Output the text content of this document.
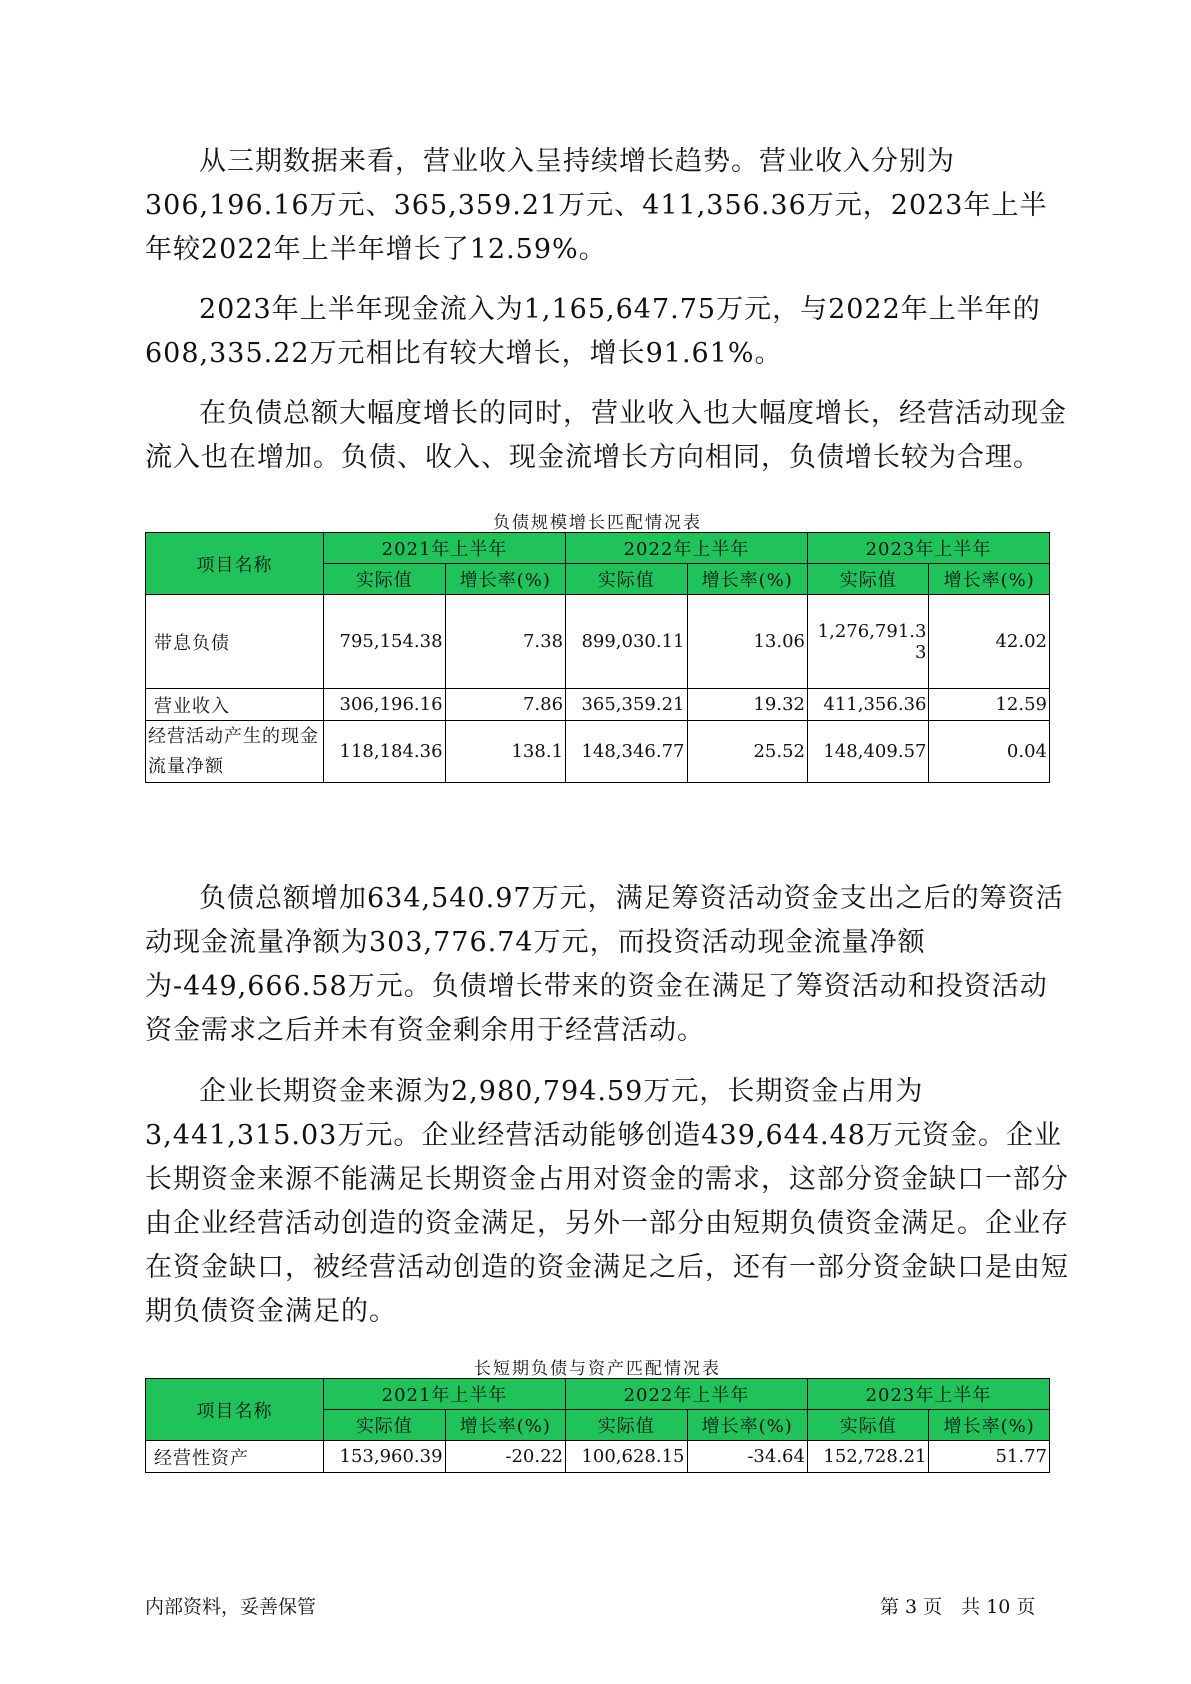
从三期数据来看，营业收入呈持续增长趋势。营业收入分别为306,196.16万元、365,359.21万元、411,356.36万元，2023年上半年较2022年上半年增长了12.59%。

2023年上半年现金流入为1,165,647.75万元，与2022年上半年的608,335.22万元相比有较大增长，增长91.61%。

在负债总额大幅度增长的同时，营业收入也大幅度增长，经营活动现金流入也在增加。负债、收入、现金流增长方向相同，负债增长较为合理。

负债规模增长匹配情况表
项目名称	2021年上半年		2022年上半年		2023年上半年	
	实际值	增长率(%)	实际值	增长率(%)	实际值	增长率(%)
带息负债	795,154.38	7.38	899,030.11	13.06	1,276,791.33	42.02
营业收入	306,196.16	7.86	365,359.21	19.32	411,356.36	12.59
经营活动产生的现金流量净额	118,184.36	138.1	148,346.77	25.52	148,409.57	0.04

负债总额增加634,540.97万元，满足筹资活动资金支出之后的筹资活动现金流量净额为303,776.74万元，而投资活动现金流量净额为-449,666.58万元。负债增长带来的资金在满足了筹资活动和投资活动资金需求之后并未有资金剩余用于经营活动。

企业长期资金来源为2,980,794.59万元，长期资金占用为3,441,315.03万元。企业经营活动能够创造439,644.48万元资金。企业长期资金来源不能满足长期资金占用对资金的需求，这部分资金缺口一部分由企业经营活动创造的资金满足，另外一部分由短期负债资金满足。企业存在资金缺口，被经营活动创造的资金满足之后，还有一部分资金缺口是由短期负债资金满足的。

长短期负债与资产匹配情况表
项目名称	2021年上半年		2022年上半年		2023年上半年	
	实际值	增长率(%)	实际值	增长率(%)	实际值	增长率(%)
经营性资产	153,960.39	-20.22	100,628.15	-34.64	152,728.21	51.77
内部资料，妥善保管	第 3 页　共 10 页
